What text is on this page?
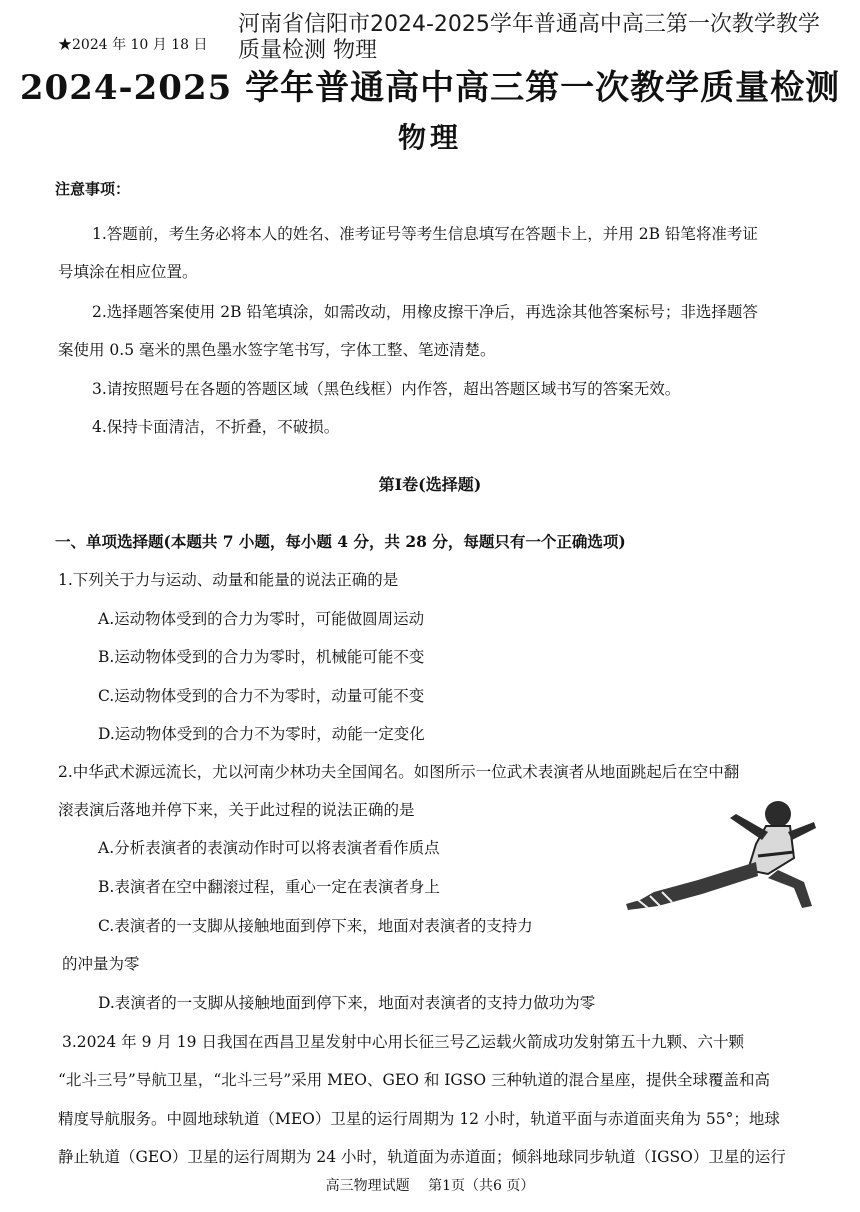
河南省信阳市2024-2025学年普通高中高三第一次教学教学质量检测 物理
★2024 年 10 月 18 日
2024-2025 学年普通高中高三第一次教学质量检测
物理
注意事项：
1.答题前，考生务必将本人的姓名、准考证号等考生信息填写在答题卡上，并用 2B 铅笔将准考证
号填涂在相应位置。
2.选择题答案使用 2B 铅笔填涂，如需改动，用橡皮擦干净后，再选涂其他答案标号；非选择题答
案使用 0.5 毫米的黑色墨水签字笔书写，字体工整、笔迹清楚。
3.请按照题号在各题的答题区域（黑色线框）内作答，超出答题区域书写的答案无效。
4.保持卡面清洁，不折叠，不破损。
第Ⅰ卷(选择题)
一、单项选择题(本题共 7 小题，每小题 4 分，共 28 分，每题只有一个正确选项)
1.下列关于力与运动、动量和能量的说法正确的是
A.运动物体受到的合力为零时，可能做圆周运动
B.运动物体受到的合力为零时，机械能可能不变
C.运动物体受到的合力不为零时，动量可能不变
D.运动物体受到的合力不为零时，动能一定变化
2.中华武术源远流长，尤以河南少林功夫全国闻名。如图所示一位武术表演者从地面跳起后在空中翻
滚表演后落地并停下来，关于此过程的说法正确的是
A.分析表演者的表演动作时可以将表演者看作质点
B.表演者在空中翻滚过程，重心一定在表演者身上
C.表演者的一支脚从接触地面到停下来，地面对表演者的支持力
的冲量为零
D.表演者的一支脚从接触地面到停下来，地面对表演者的支持力做功为零
3.2024 年 9 月 19 日我国在西昌卫星发射中心用长征三号乙运载火箭成功发射第五十九颗、六十颗
“北斗三号”导航卫星，“北斗三号”采用 MEO、GEO 和 IGSO 三种轨道的混合星座，提供全球覆盖和高
精度导航服务。中圆地球轨道（MEO）卫星的运行周期为 12 小时，轨道平面与赤道面夹角为 55°；地球
静止轨道（GEO）卫星的运行周期为 24 小时，轨道面为赤道面；倾斜地球同步轨道（IGSO）卫星的运行
高三物理试题　 第1页（共6 页）
